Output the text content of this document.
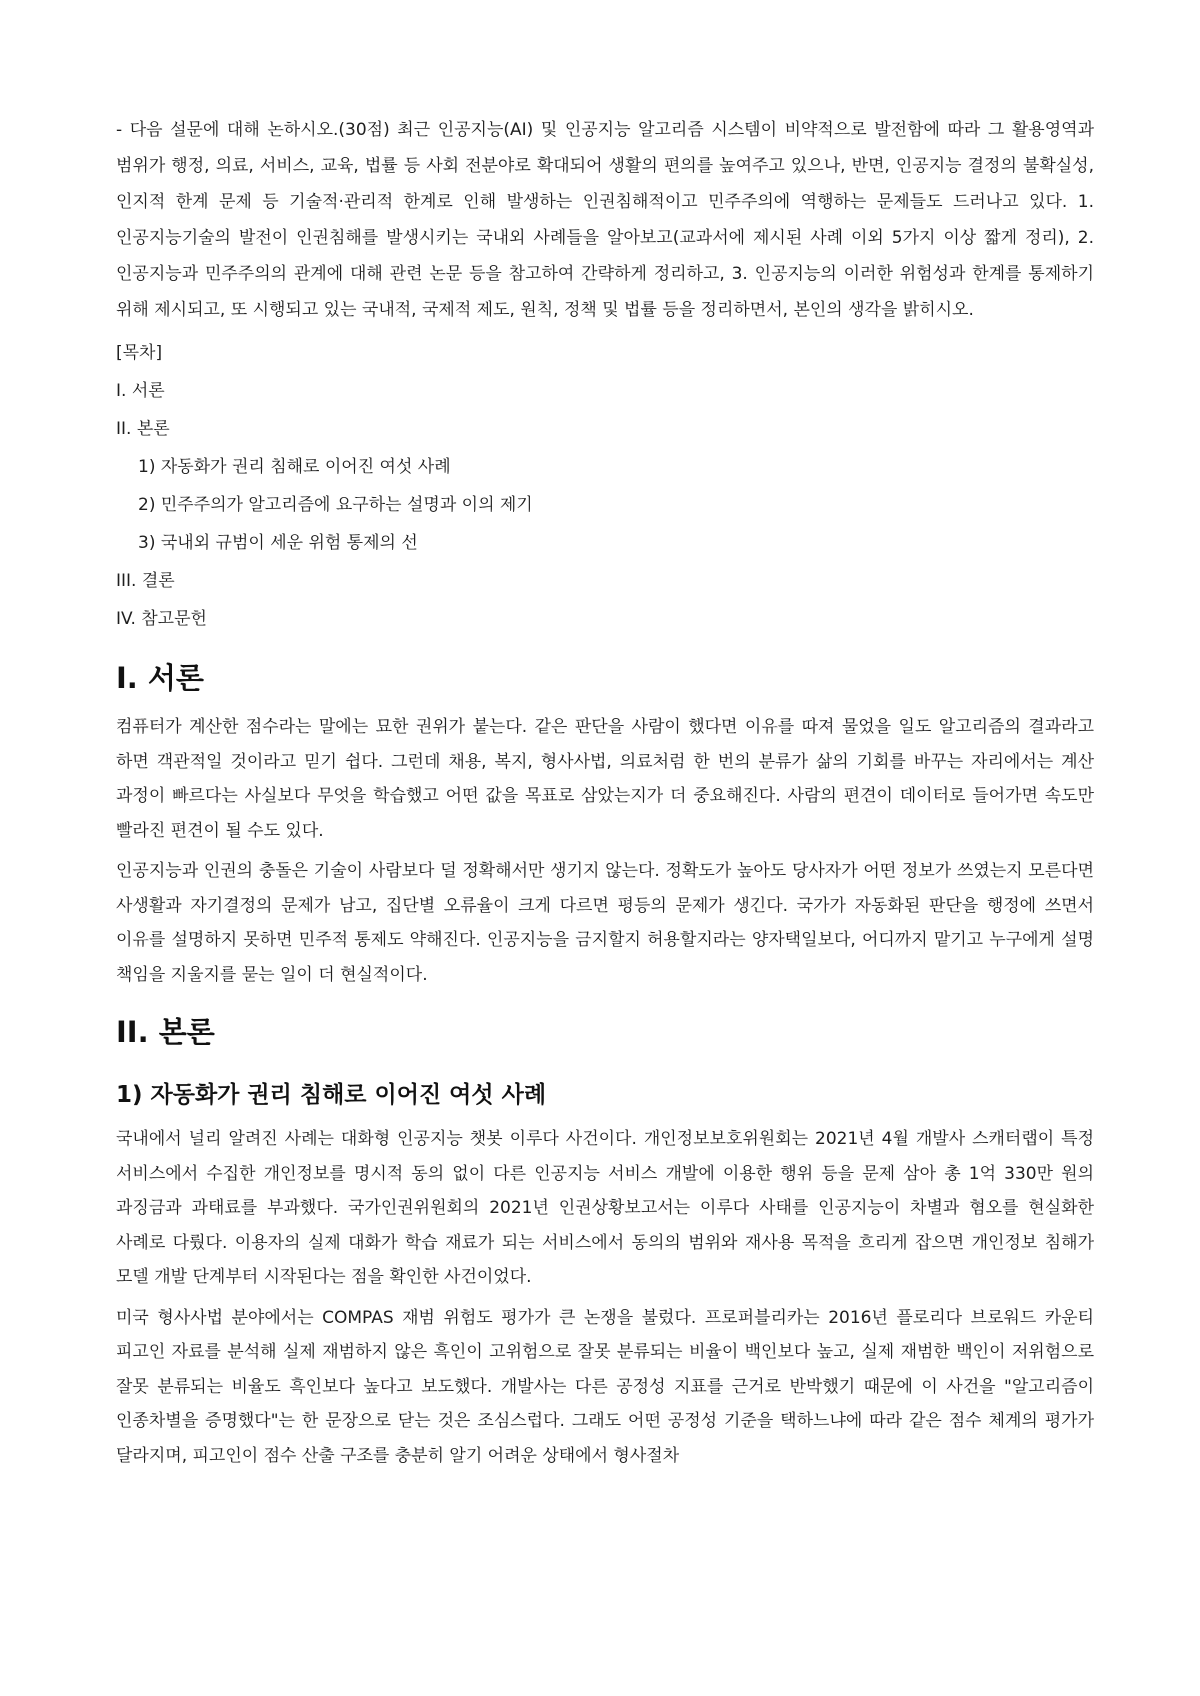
- 다음 설문에 대해 논하시오.(30점) 최근 인공지능(AI) 및 인공지능 알고리즘 시스템이 비약적으로 발전함에 따라 그 활용영역과 범위가 행정, 의료, 서비스, 교육, 법률 등 사회 전분야로 확대되어 생활의 편의를 높여주고 있으나, 반면, 인공지능 결정의 불확실성, 인지적 한계 문제 등 기술적·관리적 한계로 인해 발생하는 인권침해적이고 민주주의에 역행하는 문제들도 드러나고 있다. 1. 인공지능기술의 발전이 인권침해를 발생시키는 국내외 사례들을 알아보고(교과서에 제시된 사례 이외 5가지 이상 짧게 정리), 2. 인공지능과 민주주의의 관계에 대해 관련 논문 등을 참고하여 간략하게 정리하고, 3. 인공지능의 이러한 위험성과 한계를 통제하기 위해 제시되고, 또 시행되고 있는 국내적, 국제적 제도, 원칙, 정책 및 법률 등을 정리하면서, 본인의 생각을 밝히시오.

[목차]
I. 서론
II. 본론
1) 자동화가 권리 침해로 이어진 여섯 사례
2) 민주주의가 알고리즘에 요구하는 설명과 이의 제기
3) 국내외 규범이 세운 위험 통제의 선
III. 결론
IV. 참고문헌
I. 서론

컴퓨터가 계산한 점수라는 말에는 묘한 권위가 붙는다. 같은 판단을 사람이 했다면 이유를 따져 물었을 일도 알고리즘의 결과라고 하면 객관적일 것이라고 믿기 쉽다. 그런데 채용, 복지, 형사사법, 의료처럼 한 번의 분류가 삶의 기회를 바꾸는 자리에서는 계산 과정이 빠르다는 사실보다 무엇을 학습했고 어떤 값을 목표로 삼았는지가 더 중요해진다. 사람의 편견이 데이터로 들어가면 속도만 빨라진 편견이 될 수도 있다.

인공지능과 인권의 충돌은 기술이 사람보다 덜 정확해서만 생기지 않는다. 정확도가 높아도 당사자가 어떤 정보가 쓰였는지 모른다면 사생활과 자기결정의 문제가 남고, 집단별 오류율이 크게 다르면 평등의 문제가 생긴다. 국가가 자동화된 판단을 행정에 쓰면서 이유를 설명하지 못하면 민주적 통제도 약해진다. 인공지능을 금지할지 허용할지라는 양자택일보다, 어디까지 맡기고 누구에게 설명 책임을 지울지를 묻는 일이 더 현실적이다.

II. 본론
1) 자동화가 권리 침해로 이어진 여섯 사례

국내에서 널리 알려진 사례는 대화형 인공지능 챗봇 이루다 사건이다. 개인정보보호위원회는 2021년 4월 개발사 스캐터랩이 특정 서비스에서 수집한 개인정보를 명시적 동의 없이 다른 인공지능 서비스 개발에 이용한 행위 등을 문제 삼아 총 1억 330만 원의 과징금과 과태료를 부과했다. 국가인권위원회의 2021년 인권상황보고서는 이루다 사태를 인공지능이 차별과 혐오를 현실화한 사례로 다뤘다. 이용자의 실제 대화가 학습 재료가 되는 서비스에서 동의의 범위와 재사용 목적을 흐리게 잡으면 개인정보 침해가 모델 개발 단계부터 시작된다는 점을 확인한 사건이었다.

미국 형사사법 분야에서는 COMPAS 재범 위험도 평가가 큰 논쟁을 불렀다. 프로퍼블리카는 2016년 플로리다 브로워드 카운티 피고인 자료를 분석해 실제 재범하지 않은 흑인이 고위험으로 잘못 분류되는 비율이 백인보다 높고, 실제 재범한 백인이 저위험으로 잘못 분류되는 비율도 흑인보다 높다고 보도했다. 개발사는 다른 공정성 지표를 근거로 반박했기 때문에 이 사건을 "알고리즘이 인종차별을 증명했다"는 한 문장으로 닫는 것은 조심스럽다. 그래도 어떤 공정성 기준을 택하느냐에 따라 같은 점수 체계의 평가가 달라지며, 피고인이 점수 산출 구조를 충분히 알기 어려운 상태에서 형사절차
